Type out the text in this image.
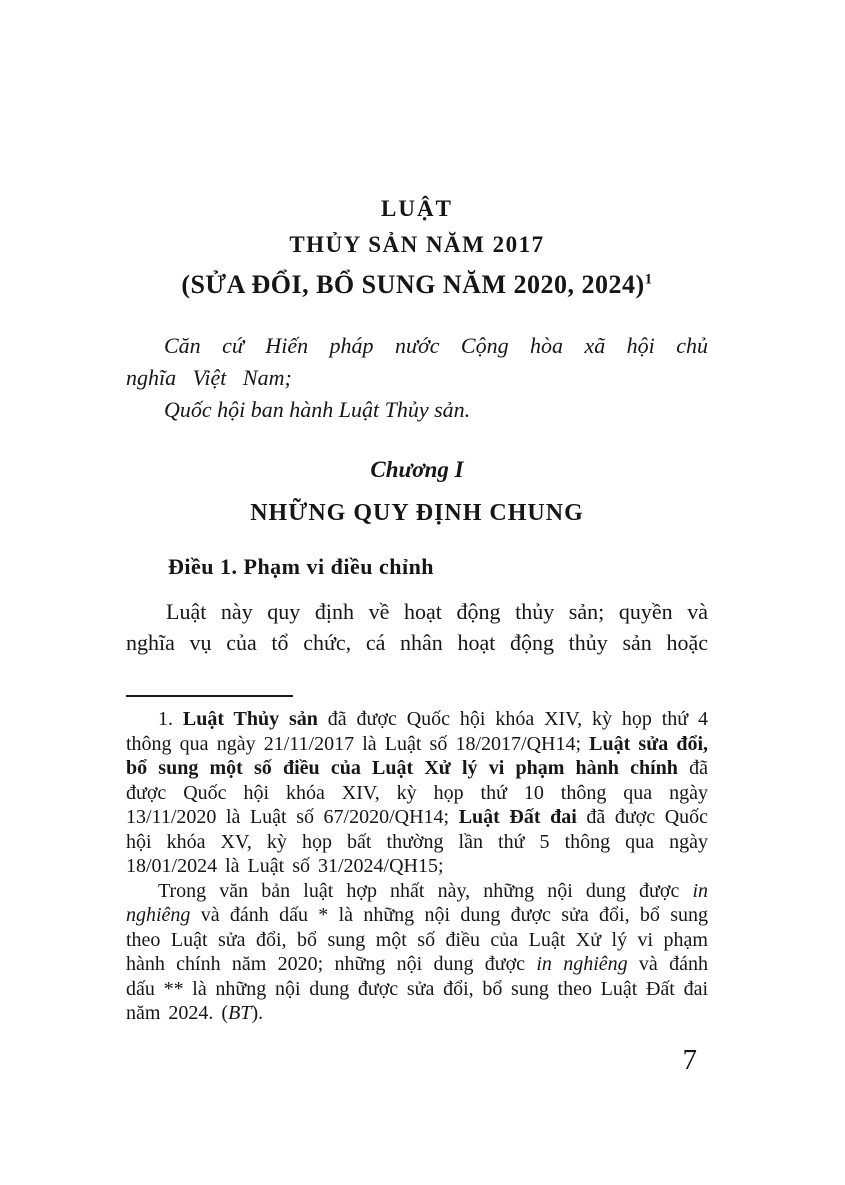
LUẬT
THỦY SẢN NĂM 2017
(SỬA ĐỔI, BỔ SUNG NĂM 2020, 2024)$^1$

Căn cứ Hiến pháp nước Cộng hòa xã hội chủ nghĩa Việt Nam;

Quốc hội ban hành Luật Thủy sản.

Chương I
NHỮNG QUY ĐỊNH CHUNG
Điều 1. Phạm vi điều chỉnh

Luật này quy định về hoạt động thủy sản; quyền và nghĩa vụ của tổ chức, cá nhân hoạt động thủy sản hoặc

1. Luật Thủy sản đã được Quốc hội khóa XIV, kỳ họp thứ 4 thông qua ngày 21/11/2017 là Luật số 18/2017/QH14; Luật sửa đổi, bổ sung một số điều của Luật Xử lý vi phạm hành chính đã được Quốc hội khóa XIV, kỳ họp thứ 10 thông qua ngày 13/11/2020 là Luật số 67/2020/QH14; Luật Đất đai đã được Quốc hội khóa XV, kỳ họp bất thường lần thứ 5 thông qua ngày 18/01/2024 là Luật số 31/2024/QH15;

Trong văn bản luật hợp nhất này, những nội dung được in nghiêng và đánh dấu * là những nội dung được sửa đổi, bổ sung theo Luật sửa đổi, bổ sung một số điều của Luật Xử lý vi phạm hành chính năm 2020; những nội dung được in nghiêng và đánh dấu ** là những nội dung được sửa đổi, bổ sung theo Luật Đất đai năm 2024. (BT).

7
